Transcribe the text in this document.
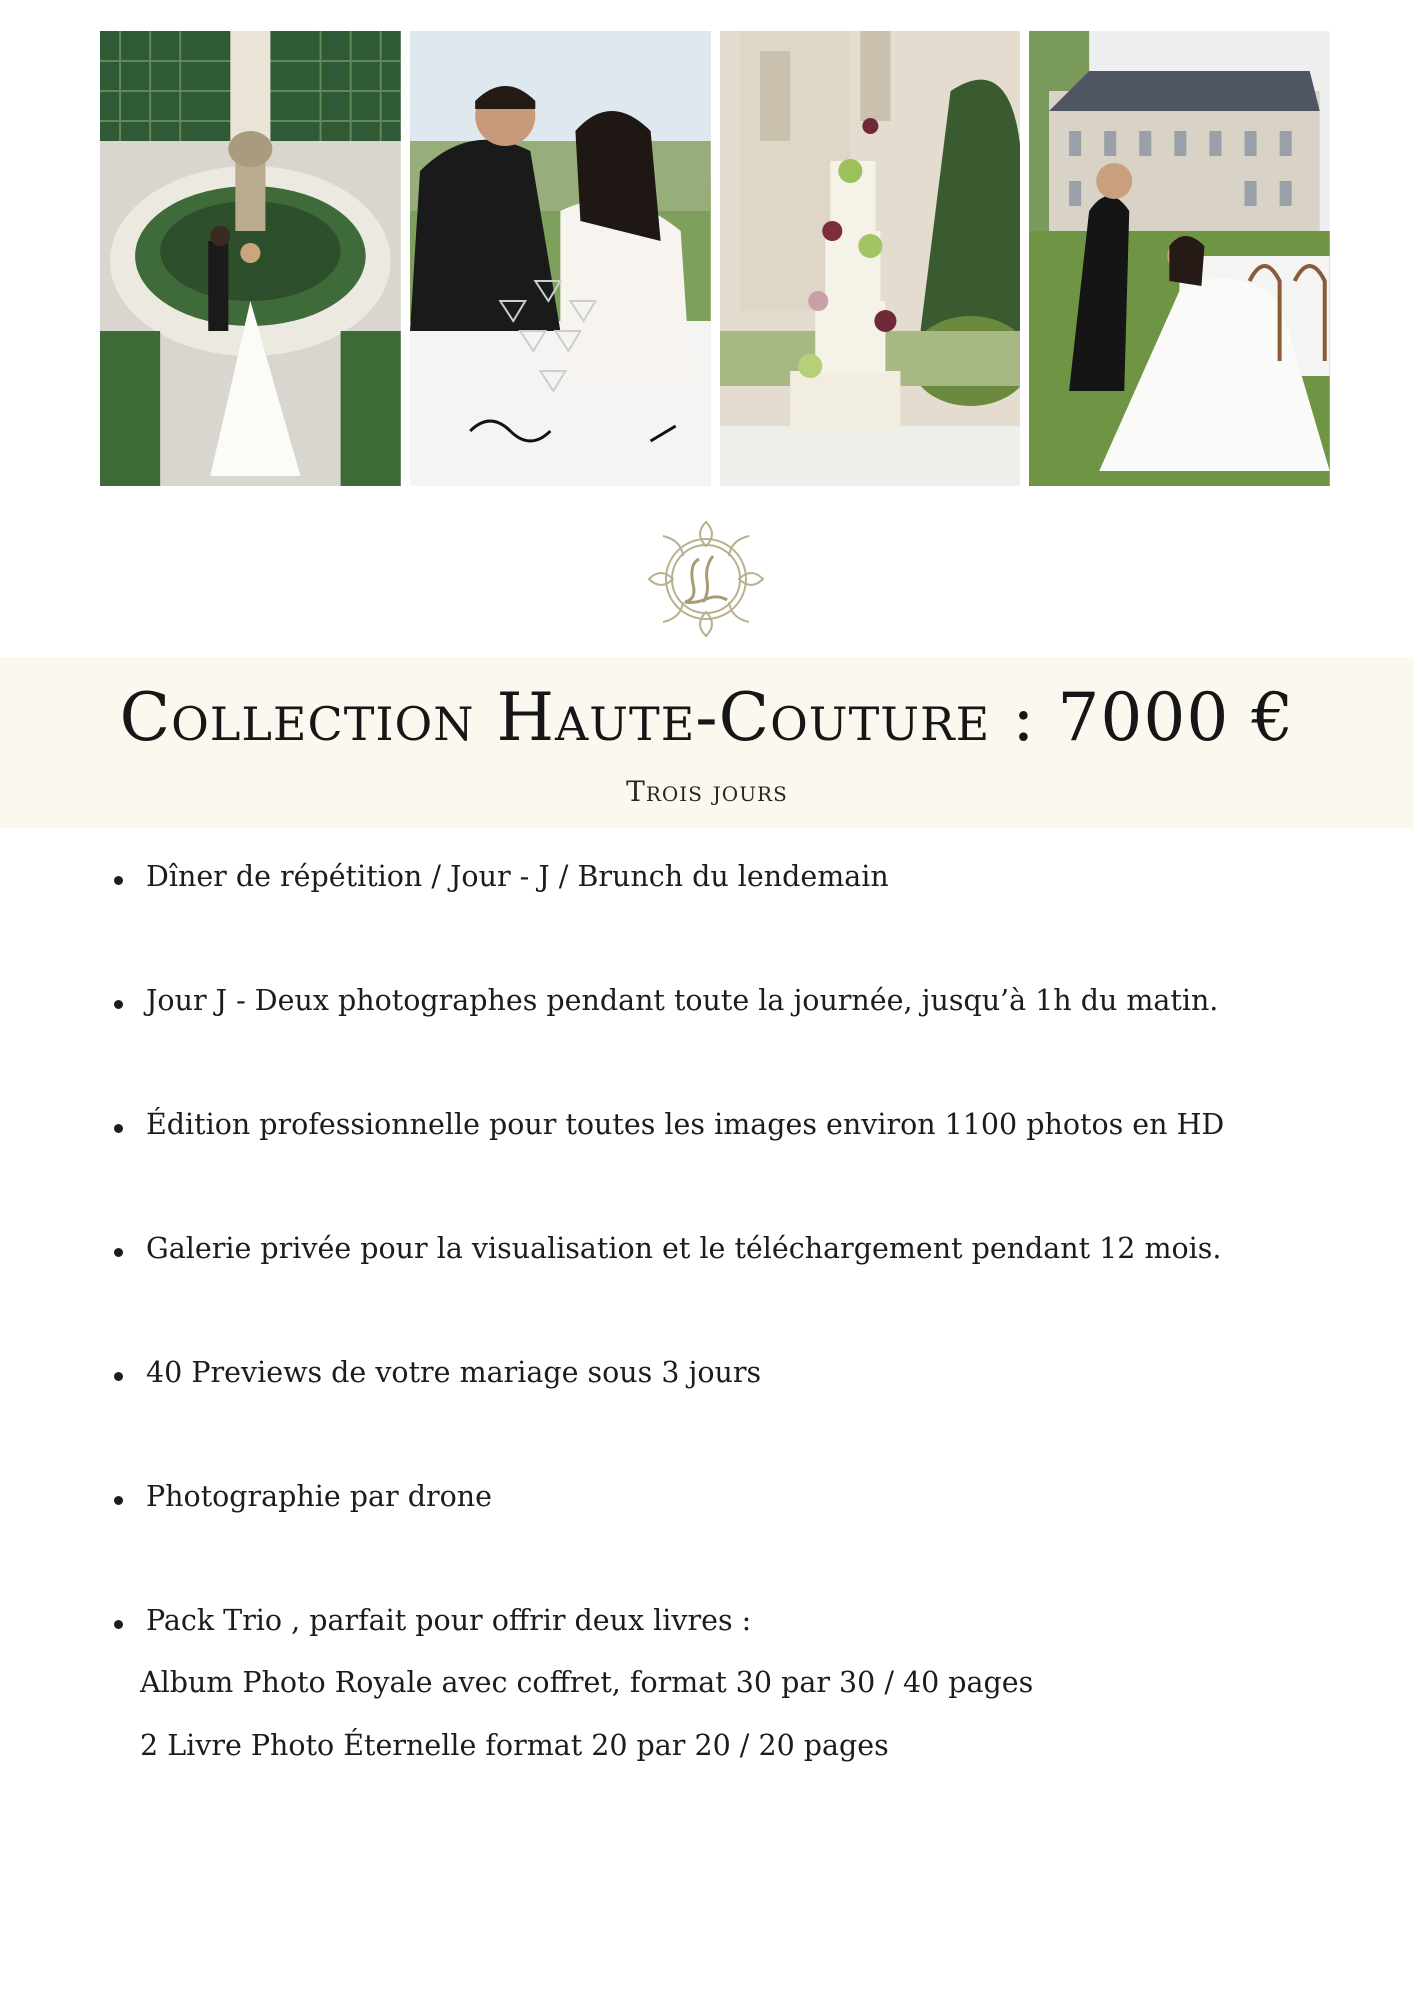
Collection Haute-Couture : 7000 €

Trois jours

Dîner de répétition / Jour - J / Brunch du lendemain
Jour J - Deux photographes pendant toute la journée, jusqu’à 1h du matin.
Édition professionnelle pour toutes les images environ 1100 photos en HD
Galerie privée pour la visualisation et le téléchargement pendant 12 mois.
40 Previews de votre mariage sous 3 jours
Photographie par drone
Pack Trio , parfait pour offrir deux livres :
Album Photo Royale avec coffret, format 30 par 30 / 40 pages
2 Livre Photo Éternelle format 20 par 20 / 20 pages
